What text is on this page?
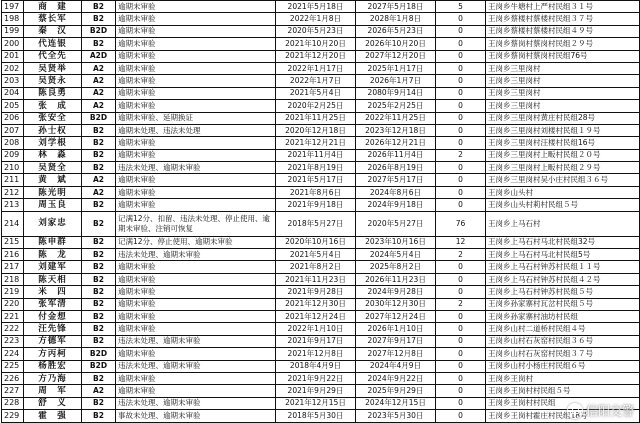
197	商　建	B2	逾期未审验	2021年5月18日	2027年5月18日	5	王岗乡牛塘村上严村民组３１号
198	蔡长军	B2	逾期未审验	2022年1月8日	2028年1月8日	0	王岗乡蔡楼村蔡楼村民组３７号
199	秦　汉	B2D	逾期未审验	2020年5月23日	2026年5月23日	0	王岗乡蔡楼村蔡楼村民组４９号
200	代连银	B2	逾期未审验	2021年10月20日	2026年10月20日	0	王岗乡蔡岗村蔡岗村民组２９号
201	代全先	A2D	逾期未审验	2021年12月20日	2027年12月20日	0	王岗乡蔡岗村蔡岗村民组76号
202	吴贤举	A2	逾期未审验	2022年1月17日	2025年1月17日	0	王岗乡三里岗村
203	吴贤永	A2	逾期未审验	2022年1月7日	2026年1月7日	0	王岗乡三里岗村
204	陈良勇	A2	逾期未审验	2021年5月4日	2080年9月14日	0	王岗乡三里岗村
205	张　成	A2	逾期未审验	2020年2月25日	2025年2月25日	0	王岗乡三里岗村
206	张安全	B2D	逾期未审验、延期换证	2021年11月25日	2022年11月25日	0	王岗乡三里岗村黄庄村民组28号
207	孙士权	B2	逾期未处理、违法未处理	2020年12月18日	2023年12月18日	0	王岗乡三里岗村刘楼村民组１９号
208	刘学根	B2	逾期未审验	2021年12月21日	2026年12月21日	0	王岗乡三里岗村汪楼村民组16号
209	林　淼	B2	逾期未审验	2021年11月4日	2026年11月4日	2	王岗乡三里岗村上畈村民组２０号
210	吴贤全	B2	违法未处理、逾期未审验	2021年8月19日	2026年8月19日	0	王岗乡三里岗村上畈村民组２９号
211	黄　斌	A2	逾期未审验	2021年5月17日	2027年5月17日	0	王岗乡三里岗村吴小庄村民组３６号
212	陈光明	A2	逾期未审验	2021年8月6日	2024年8月6日	0	王岗乡山头村
213	周玉良	B2	逾期未审验	2021年9月18日	2024年9月18日	0	王岗乡山头村莉村民组５号
214	刘家忠	B2	记满12分、扣留、违法未处理、停止使用、逾期未审验、注销可恢复	2018年5月27日	2020年5月27日	76	王岗乡上马石村
215	陈申群	B2	记满12分、停止使用、逾期未审验	2020年10月16日	2023年10月16日	12	王岗乡上马石村马北村民组32号
216	陈　龙	B2	违法未处理、逾期未审验	2021年5月4日	2024年5月4日	2	王岗乡上马石村马北村民组5号
217	刘建军	B2	逾期未审验	2021年8月2日	2025年8月2日	0	王岗乡上马石村钟苏村民组１１号
218	陈天相	B2	逾期未审验	2021年11月23日	2026年11月23日	0	王岗乡上马石村钟苏村民组４２号
219	米　四	B2	逾期未审验	2021年9月28日	2024年9月28日	0	王岗乡上马石村钟苏村民组５号
220	张军清	B2	逾期未审验	2021年12月30日	2030年12月30日	2	王岗乡孙家寨村瓦岔村民组５号
221	付金想	B2	逾期未审验	2021年12月24日	2027年12月24日	0	王岗乡孙家寨村油坊村民组
222	汪先锋	B2	逾期未审验	2022年1月10日	2026年1月10日	0	王岗乡山村二道桥村民组４号
223	方德军	B2	违法未处理、逾期未审验	2021年9月17日	2027年9月17日	0	王岗乡山村石灰窑村民组３６号
224	方丙柯	B2D	逾期未审验	2021年12月8日	2027年12月8日	0	王岗乡山村石灰窑村民组３７号
225	杨胜宏	B2D	违法未处理、逾期未审验	2018年4月9日	2024年4月9日	0	王岗乡山村小杨庄村民组６号
226	方乃海	B2	逾期未审验	2021年9月22日	2024年9月22日	0	王岗乡王岗村
227	周　军	A2	逾期未审验	2021年9月29日	2025年9月29日	0	王岗乡王岗村村民组５号
228	舒　义	B2	违法未处理、逾期未审验	2021年12月15日	2024年12月15日	0	王岗乡王岗村村民组
229	霍　强	B2	事故未处理、逾期未审验	2018年5月30日	2023年5月30日	0	王岗乡王岗村霍庄村民组18号
信阳交警
